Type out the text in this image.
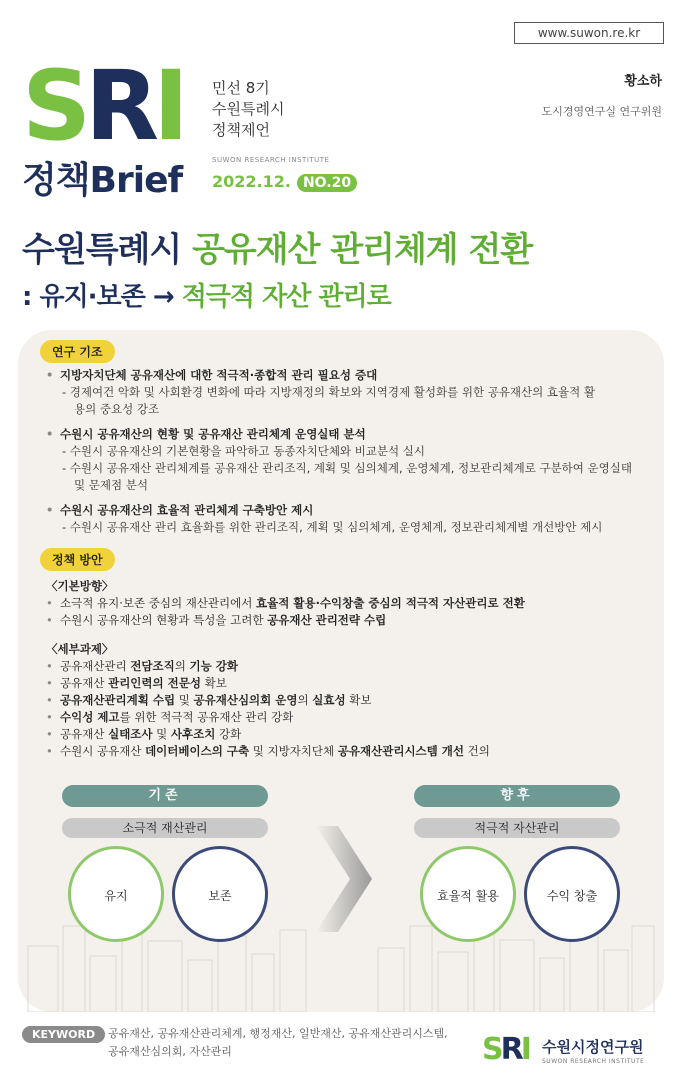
www.suwon.re.kr
SRI
정책Brief
민선 8기
수원특례시
정책제언
SUWON RESEARCH INSTITUTE
2022.12. NO.20
황소하
도시경영연구실 연구위원
수원특례시 공유재산 관리체계 전환
: 유지·보존 → 적극적 자산 관리로
연구 기조
• 지방자치단체 공유재산에 대한 적극적·종합적 관리 필요성 증대
- 경제여건 악화 및 사회환경 변화에 따라 지방재정의 확보와 지역경제 활성화를 위한 공유재산의 효율적 활용의 중요성 강조
• 수원시 공유재산의 현황 및 공유재산 관리체계 운영실태 분석
- 수원시 공유재산의 기본현황을 파악하고 동종자치단체와 비교분석 실시
- 수원시 공유재산 관리체계를 공유재산 관리조직, 계획 및 심의체계, 운영체계, 정보관리체계로 구분하여 운영실태 및 문제점 분석
• 수원시 공유재산의 효율적 관리체계 구축방안 제시
- 수원시 공유재산 관리 효율화를 위한 관리조직, 계획 및 심의체계, 운영체계, 정보관리체계별 개선방안 제시
정책 방안
〈기본방향〉
• 소극적 유지·보존 중심의 재산관리에서 효율적 활용·수익창출 중심의 적극적 자산관리로 전환
• 수원시 공유재산의 현황과 특성을 고려한 공유재산 관리전략 수립
〈세부과제〉
• 공유재산관리 전담조직의 기능 강화
• 공유재산 관리인력의 전문성 확보
• 공유재산관리계획 수립 및 공유재산심의회 운영의 실효성 확보
• 수익성 제고를 위한 적극적 공유재산 관리 강화
• 공유재산 실태조사 및 사후조치 강화
• 수원시 공유재산 데이터베이스의 구축 및 지방자치단체 공유재산관리시스템 개선 건의
기존
소극적 재산관리
유지	보존
향후
적극적 자산관리
효율적 활용	수익 창출
KEYWORD	공유재산, 공유재산관리체계, 행정재산, 일반재산, 공유재산관리시스템,
공유재산심의회, 자산관리	SRI 수원시정연구원
SUWON RESEARCH INSTITUTE
